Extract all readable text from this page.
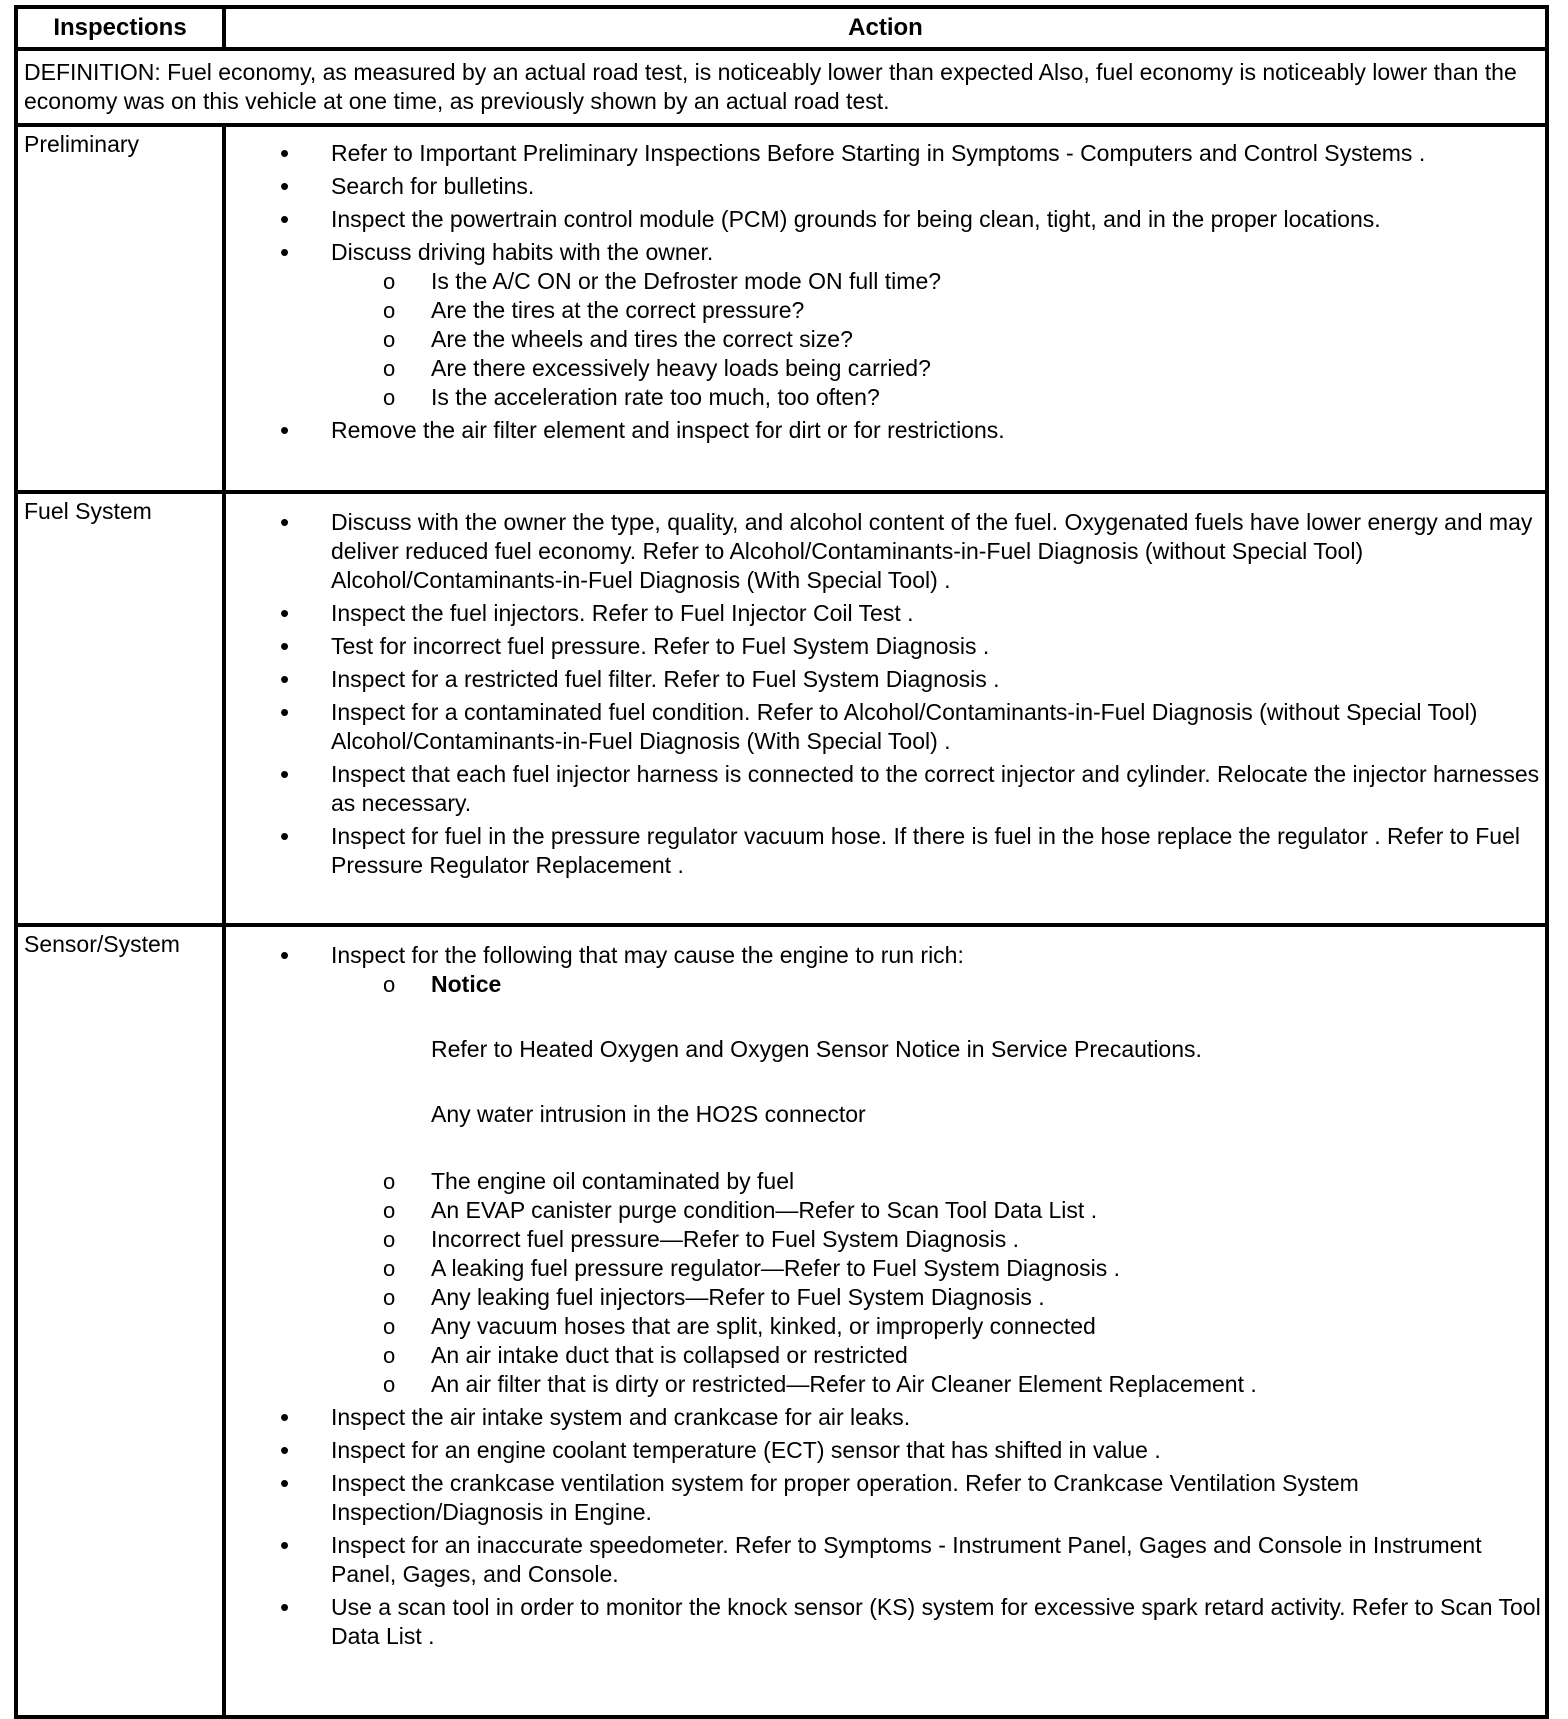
Inspections	Action
DEFINITION: Fuel economy, as measured by an actual road test, is noticeably lower than expected Also, fuel economy is noticeably lower than the economy was on this vehicle at one time, as previously shown by an actual road test.
Preliminary	• Refer to Important Preliminary Inspections Before Starting in Symptoms - Computers and Control Systems .
• Search for bulletins.
• Inspect the powertrain control module (PCM) grounds for being clean, tight, and in the proper locations.
• Discuss driving habits with the owner.
o Is the A/C ON or the Defroster mode ON full time?
o Are the tires at the correct pressure?
o Are the wheels and tires the correct size?
o Are there excessively heavy loads being carried?
o Is the acceleration rate too much, too often?
• Remove the air filter element and inspect for dirt or for restrictions.
Fuel System	• Discuss with the owner the type, quality, and alcohol content of the fuel. Oxygenated fuels have lower energy and may deliver reduced fuel economy. Refer to Alcohol/Contaminants-in-Fuel Diagnosis (without Special Tool) Alcohol/Contaminants-in-Fuel Diagnosis (With Special Tool) .
• Inspect the fuel injectors. Refer to Fuel Injector Coil Test .
• Test for incorrect fuel pressure. Refer to Fuel System Diagnosis .
• Inspect for a restricted fuel filter. Refer to Fuel System Diagnosis .
• Inspect for a contaminated fuel condition. Refer to Alcohol/Contaminants-in-Fuel Diagnosis (without Special Tool) Alcohol/Contaminants-in-Fuel Diagnosis (With Special Tool) .
• Inspect that each fuel injector harness is connected to the correct injector and cylinder. Relocate the injector harnesses as necessary.
• Inspect for fuel in the pressure regulator vacuum hose. If there is fuel in the hose replace the regulator . Refer to Fuel Pressure Regulator Replacement .
Sensor/System	• Inspect for the following that may cause the engine to run rich:
o Notice
Refer to Heated Oxygen and Oxygen Sensor Notice in Service Precautions.
Any water intrusion in the HO2S connector
o The engine oil contaminated by fuel
o An EVAP canister purge condition—Refer to Scan Tool Data List .
o Incorrect fuel pressure—Refer to Fuel System Diagnosis .
o A leaking fuel pressure regulator—Refer to Fuel System Diagnosis .
o Any leaking fuel injectors—Refer to Fuel System Diagnosis .
o Any vacuum hoses that are split, kinked, or improperly connected
o An air intake duct that is collapsed or restricted
o An air filter that is dirty or restricted—Refer to Air Cleaner Element Replacement .
• Inspect the air intake system and crankcase for air leaks.
• Inspect for an engine coolant temperature (ECT) sensor that has shifted in value .
• Inspect the crankcase ventilation system for proper operation. Refer to Crankcase Ventilation System Inspection/Diagnosis in Engine.
• Inspect for an inaccurate speedometer. Refer to Symptoms - Instrument Panel, Gages and Console in Instrument Panel, Gages, and Console.
• Use a scan tool in order to monitor the knock sensor (KS) system for excessive spark retard activity. Refer to Scan Tool Data List .
